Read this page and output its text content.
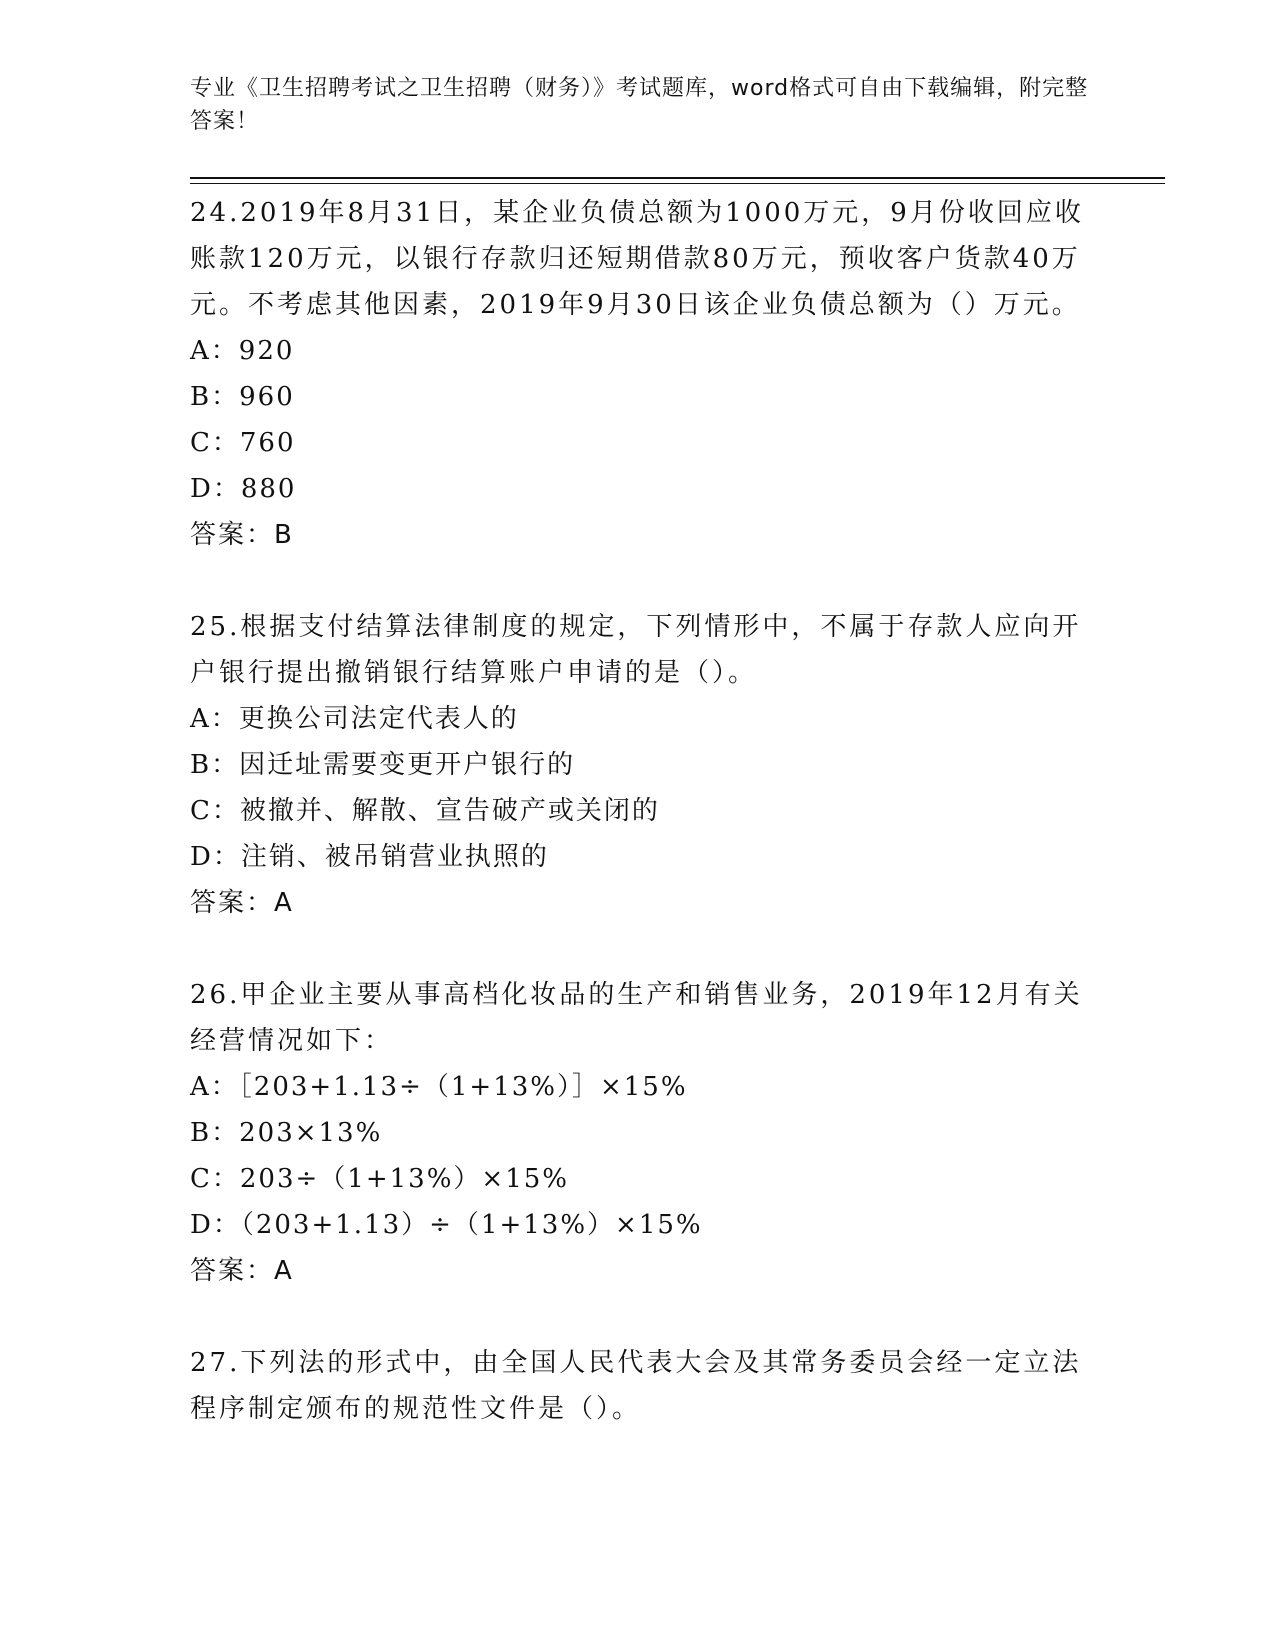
专业《卫生招聘考试之卫生招聘（财务）》考试题库，word格式可自由下载编辑，附完整答案！

24.2019年8月31日，某企业负债总额为1000万元，9月份收回应收账款120万元，以银行存款归还短期借款80万元，预收客户货款40万元。不考虑其他因素，2019年9月30日该企业负债总额为（）万元。

A：920

B：960

C：760

D：880

答案：B

25.根据支付结算法律制度的规定，下列情形中，不属于存款人应向开户银行提出撤销银行结算账户申请的是（）。

A：更换公司法定代表人的

B：因迁址需要变更开户银行的

C：被撤并、解散、宣告破产或关闭的

D：注销、被吊销营业执照的

答案：A

26.甲企业主要从事高档化妆品的生产和销售业务，2019年12月有关经营情况如下：

A：［203+1.13÷（1+13%）］×15%

B：203×13%

C：203÷（1+13%）×15%

D：（203+1.13）÷（1+13%）×15%

答案：A

27.下列法的形式中，由全国人民代表大会及其常务委员会经一定立法程序制定颁布的规范性文件是（）。
